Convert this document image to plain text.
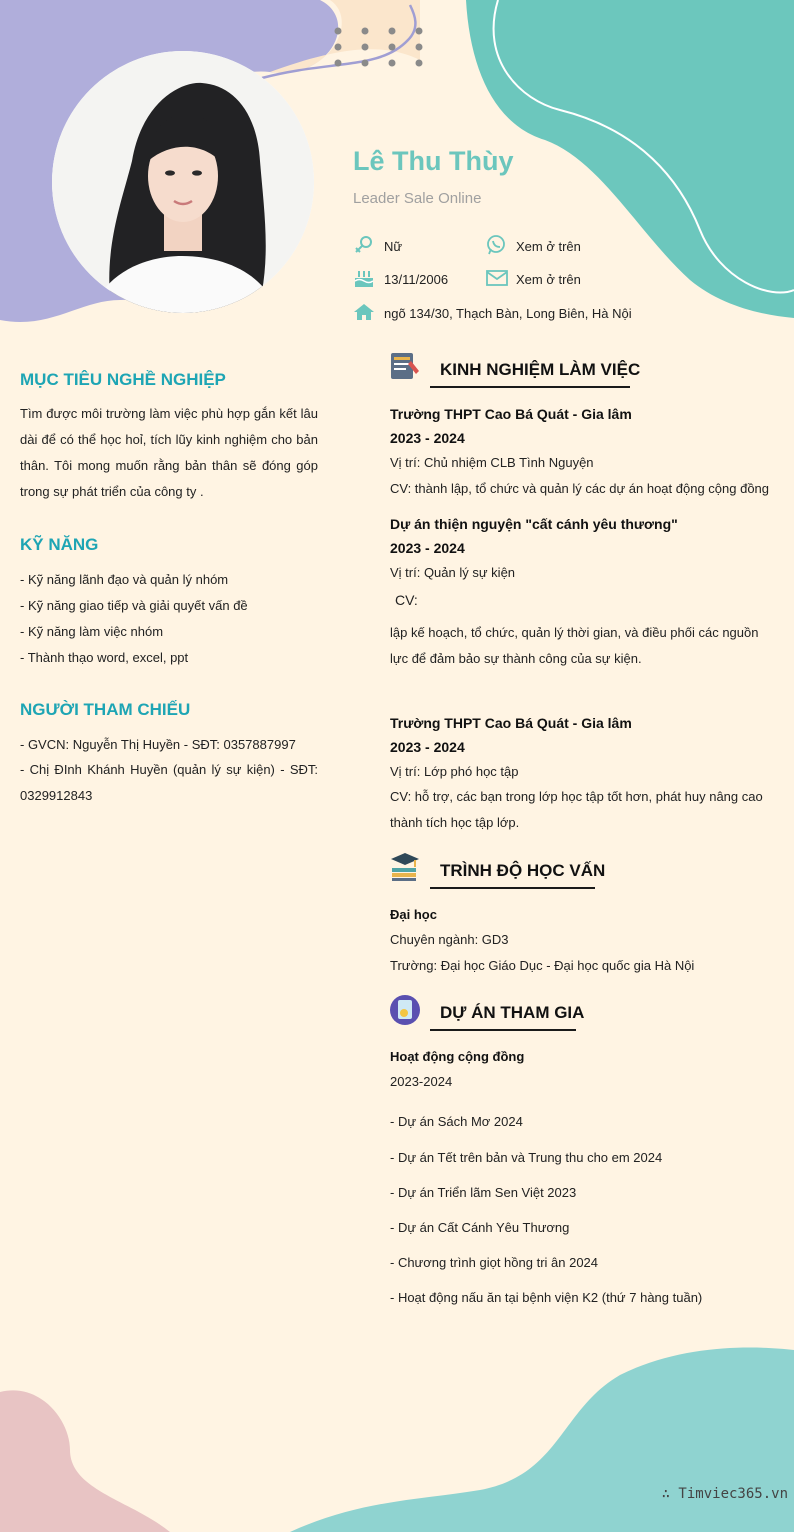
Lê Thu Thùy
Leader Sale Online
Nữ	Xem ở trên
13/11/2006	Xem ở trên
ngõ 134/30, Thạch Bàn, Long Biên, Hà Nội
MỤC TIÊU NGHỀ NGHIỆP
Tìm được môi trường làm việc phù hợp gắn kết lâu dài để có thể học hoỉ, tích lũy kinh nghiệm cho bản thân. Tôi mong muốn rằng bản thân sẽ đóng góp trong sự phát triển của công ty .
KỸ NĂNG
- Kỹ năng lãnh đạo và quản lý nhóm
- Kỹ năng giao tiếp và giải quyết vấn đề
- Kỹ năng làm việc nhóm
- Thành thạo word, excel, ppt
NGƯỜI THAM CHIẾU
- GVCN: Nguyễn Thị Huyền - SĐT: 0357887997
- Chị ĐInh Khánh Huyền (quản lý sự kiện) - SĐT: 0329912843
KINH NGHIỆM LÀM VIỆC
Trường THPT Cao Bá Quát - Gia lâm
2023 - 2024
Vị trí: Chủ nhiệm CLB Tình Nguyện
CV: thành lập, tổ chức và quản lý các dự án hoạt động cộng đồng
Dự án thiện nguyện "cất cánh yêu thương"
2023 - 2024
Vị trí: Quản lý sự kiện
CV:
lập kế hoạch, tổ chức, quản lý thời gian, và điều phối các nguồn lực để đảm bảo sự thành công của sự kiện.
Trường THPT Cao Bá Quát - Gia lâm
2023 - 2024
Vị trí: Lớp phó học tập
CV: hỗ trợ, các bạn trong lớp học tập tốt hơn, phát huy nâng cao thành tích học tập lớp.
TRÌNH ĐỘ HỌC VẤN
Đại học
Chuyên ngành: GD3
Trường: Đại học Giáo Dục - Đại học quốc gia Hà Nội
DỰ ÁN THAM GIA
Hoạt động cộng đồng
2023-2024
- Dự án Sách Mơ 2024
- Dự án Tết trên bản và Trung thu cho em 2024
- Dự án Triển lãm Sen Việt 2023
- Dự án Cất Cánh Yêu Thương
- Chương trình giọt hồng tri ân 2024
- Hoạt động nấu ăn tại bệnh viện K2 (thứ 7 hàng tuần)
∴ Timviec365.vn
